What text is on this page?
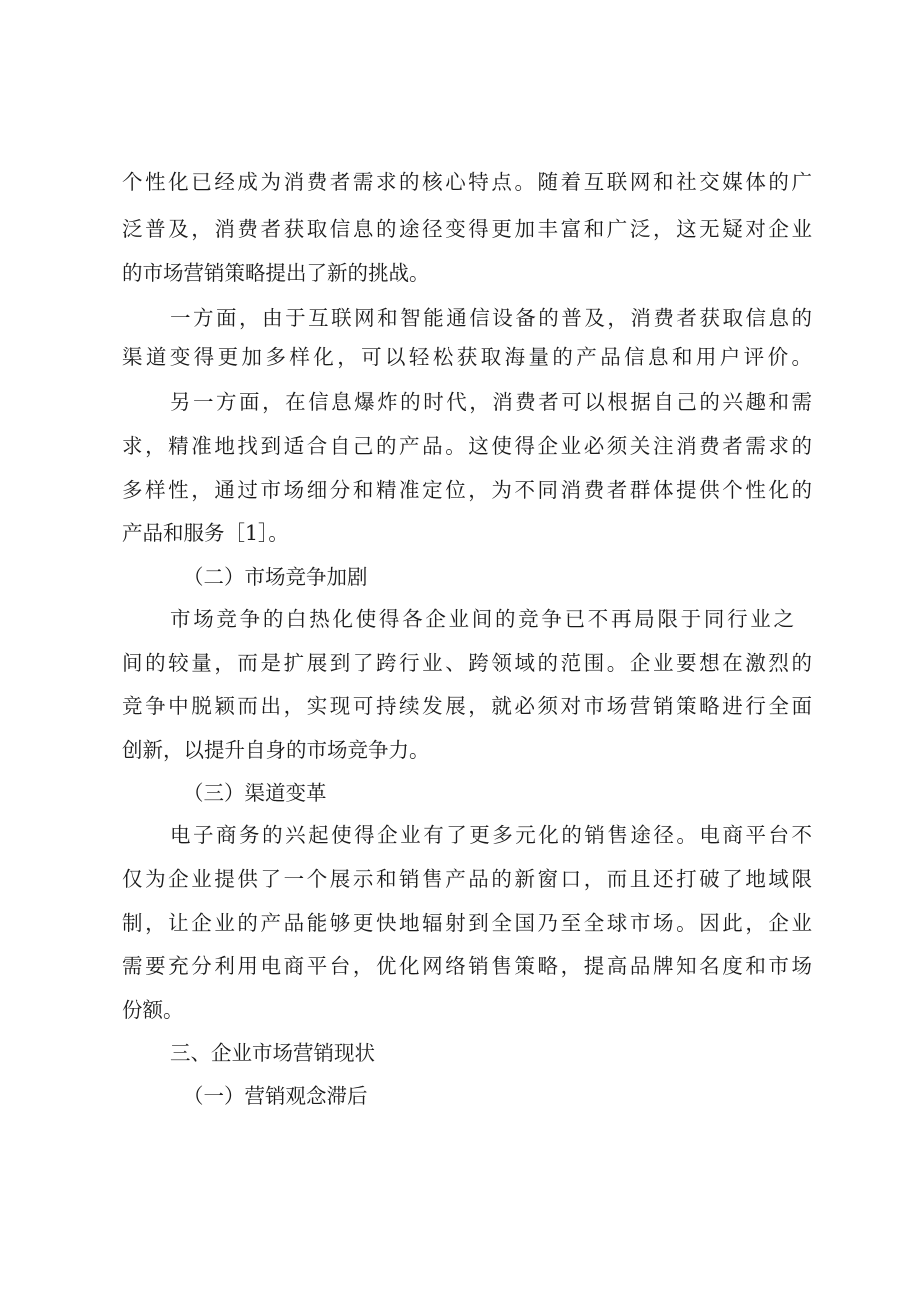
个性化已经成为消费者需求的核心特点。随着互联网和社交媒体的广
泛普及，消费者获取信息的途径变得更加丰富和广泛，这无疑对企业
的市场营销策略提出了新的挑战。
一方面，由于互联网和智能通信设备的普及，消费者获取信息的
渠道变得更加多样化，可以轻松获取海量的产品信息和用户评价。
另一方面，在信息爆炸的时代，消费者可以根据自己的兴趣和需
求，精准地找到适合自己的产品。这使得企业必须关注消费者需求的
多样性，通过市场细分和精准定位，为不同消费者群体提供个性化的
产品和服务［1］。
（二）市场竞争加剧
市场竞争的白热化使得各企业间的竞争已不再局限于同行业之
间的较量，而是扩展到了跨行业、跨领域的范围。企业要想在激烈的
竞争中脱颖而出，实现可持续发展，就必须对市场营销策略进行全面
创新，以提升自身的市场竞争力。
（三）渠道变革
电子商务的兴起使得企业有了更多元化的销售途径。电商平台不
仅为企业提供了一个展示和销售产品的新窗口，而且还打破了地域限
制，让企业的产品能够更快地辐射到全国乃至全球市场。因此，企业
需要充分利用电商平台，优化网络销售策略，提高品牌知名度和市场
份额。
三、企业市场营销现状
（一）营销观念滞后
